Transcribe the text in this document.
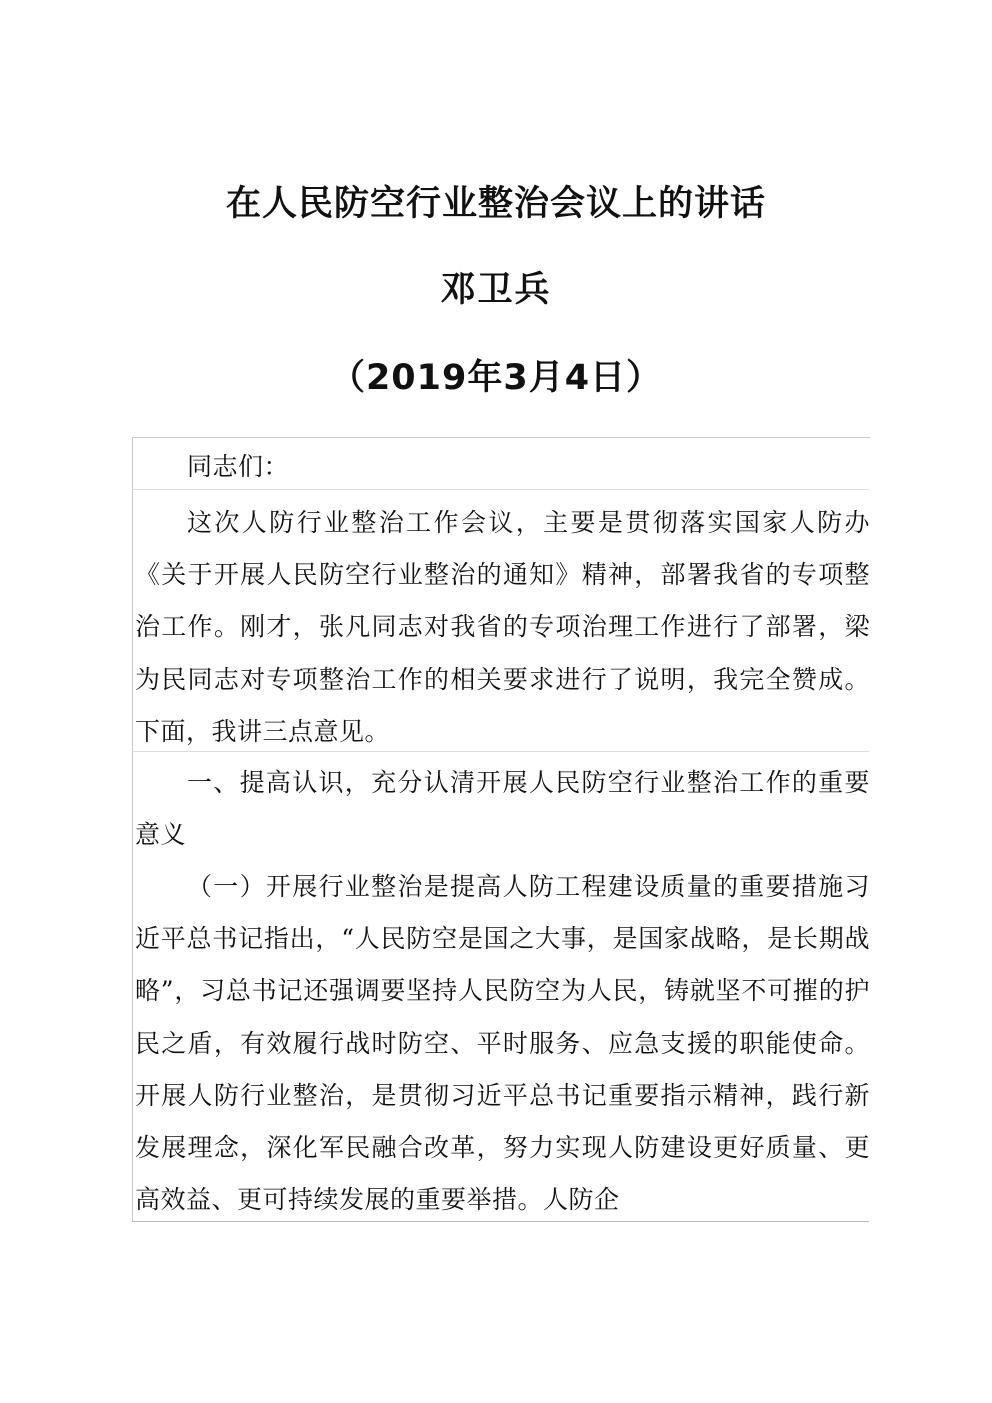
在人民防空行业整治会议上的讲话
邓卫兵
（2019年3月4日）

同志们：

这次人防行业整治工作会议，主要是贯彻落实国家人防办《关于开展人民防空行业整治的通知》精神，部署我省的专项整治工作。刚才，张凡同志对我省的专项治理工作进行了部署，梁为民同志对专项整治工作的相关要求进行了说明，我完全赞成。下面，我讲三点意见。

一、提高认识，充分认清开展人民防空行业整治工作的重要意义

（一）开展行业整治是提高人防工程建设质量的重要措施习近平总书记指出，“人民防空是国之大事，是国家战略，是长期战略”，习总书记还强调要坚持人民防空为人民，铸就坚不可摧的护民之盾，有效履行战时防空、平时服务、应急支援的职能使命。开展人防行业整治，是贯彻习近平总书记重要指示精神，践行新发展理念，深化军民融合改革，努力实现人防建设更好质量、更高效益、更可持续发展的重要举措。人防企
